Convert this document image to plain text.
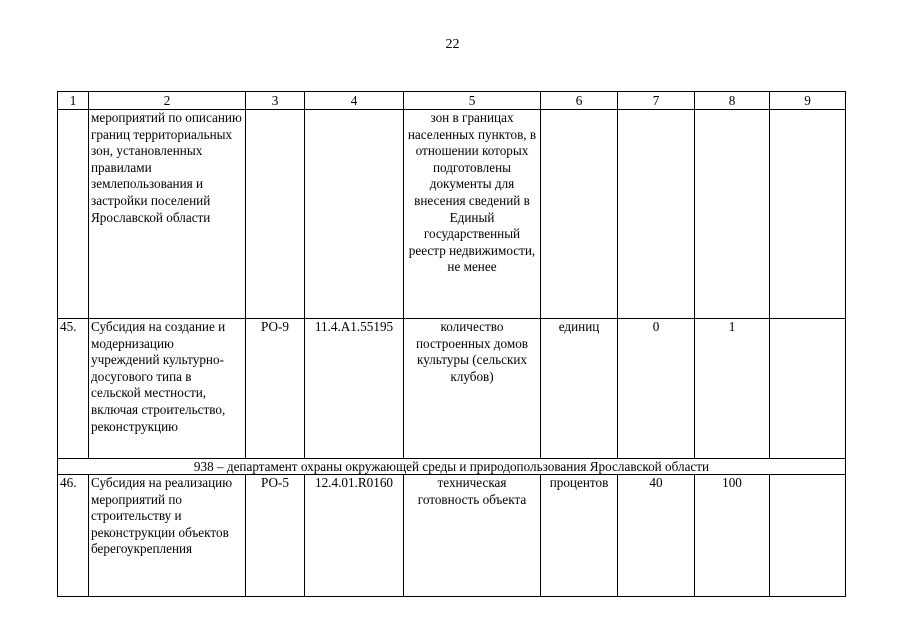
22
1	2	3	4	5	6	7	8	9
	мероприятий по описанию границ территориальных зон, установленных правилами землепользования и застройки поселений Ярославской области			зон в границах населенных пунктов, в отношении которых подготовлены документы для внесения сведений в Единый государственный реестр недвижимости, не менее				
45.	Субсидия на создание и модернизацию учреждений культурно-досугового типа в сельской местности, включая строительство, реконструкцию	РО-9	11.4.А1.55195	количество построенных домов культуры (сельских клубов)	единиц	0	1	
938 – департамент охраны окружающей среды и природопользования Ярославской области								
46.	Субсидия на реализацию мероприятий по строительству и реконструкции объектов берегоукрепления	РО-5	12.4.01.R0160	техническая готовность объекта	процентов	40	100	
